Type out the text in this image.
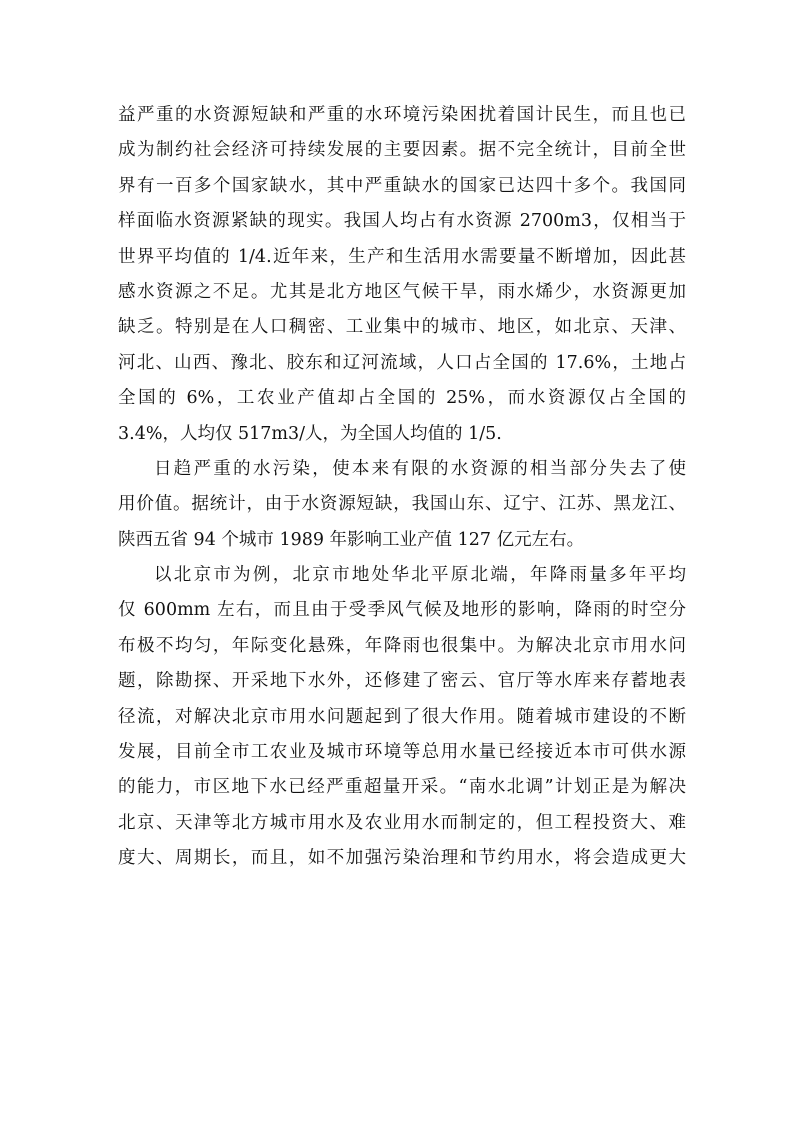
益严重的水资源短缺和严重的水环境污染困扰着国计民生，而且也已
成为制约社会经济可持续发展的主要因素。据不完全统计，目前全世
界有一百多个国家缺水，其中严重缺水的国家已达四十多个。我国同
样面临水资源紧缺的现实。我国人均占有水资源 2700m3，仅相当于
世界平均值的 1/4.近年来，生产和生活用水需要量不断增加，因此甚
感水资源之不足。尤其是北方地区气候干旱，雨水烯少，水资源更加
缺乏。特别是在人口稠密、工业集中的城市、地区，如北京、天津、
河北、山西、豫北、胶东和辽河流域，人口占全国的 17.6%，土地占
全国的 6%，工农业产值却占全国的 25%，而水资源仅占全国的
3.4%，人均仅 517m3/人，为全国人均值的 1/5.
日趋严重的水污染，使本来有限的水资源的相当部分失去了使
用价值。据统计，由于水资源短缺，我国山东、辽宁、江苏、黑龙江、
陕西五省 94 个城市 1989 年影响工业产值 127 亿元左右。
以北京市为例，北京市地处华北平原北端，年降雨量多年平均
仅 600mm 左右，而且由于受季风气候及地形的影响，降雨的时空分
布极不均匀，年际变化悬殊，年降雨也很集中。为解决北京市用水问
题，除勘探、开采地下水外，还修建了密云、官厅等水库来存蓄地表
径流，对解决北京市用水问题起到了很大作用。随着城市建设的不断
发展，目前全市工农业及城市环境等总用水量已经接近本市可供水源
的能力，市区地下水已经严重超量开采。“南水北调”计划正是为解决
北京、天津等北方城市用水及农业用水而制定的，但工程投资大、难
度大、周期长，而且，如不加强污染治理和节约用水，将会造成更大
